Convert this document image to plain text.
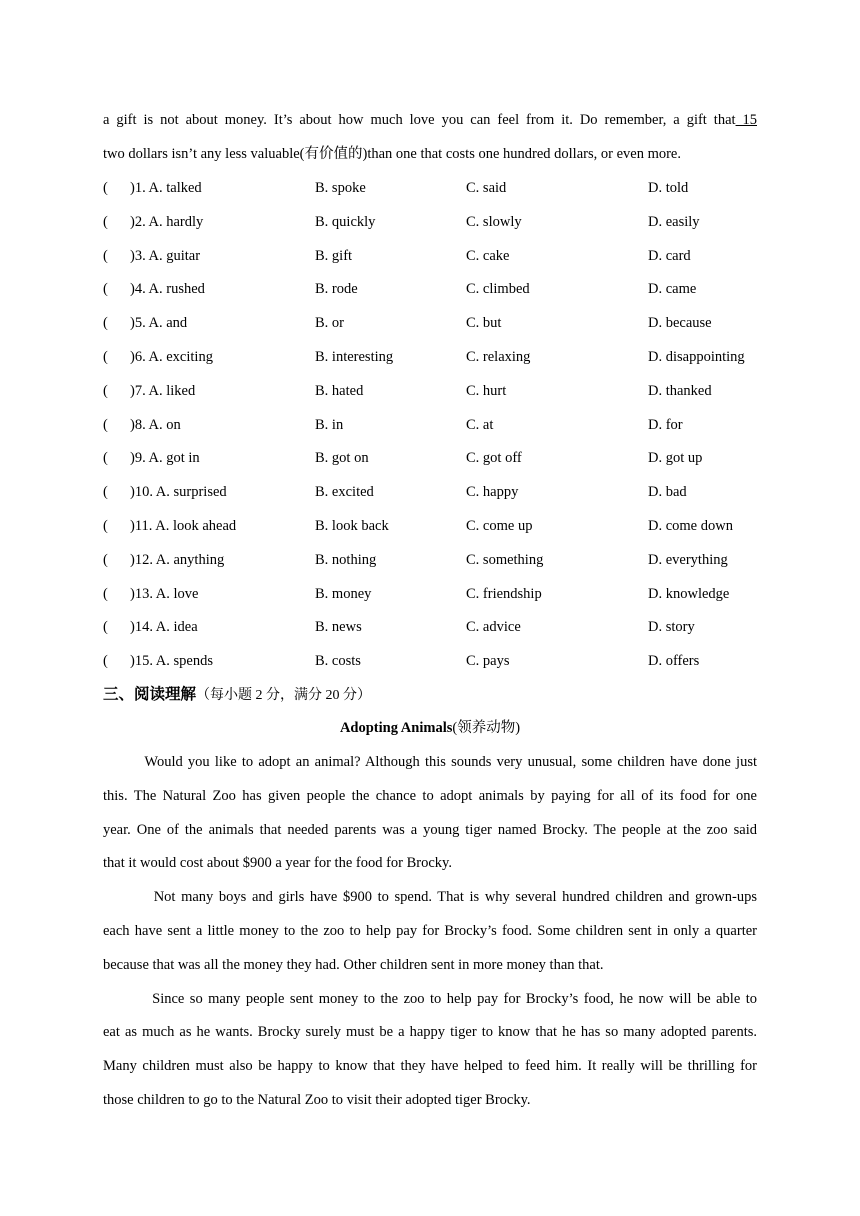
a gift is not about money. It’s about how much love you can feel from it. Do remember, a gift that 15
two dollars isn’t any less valuable(有价值的)than one that costs one hundred dollars, or even more.
( )1. A. talked	B. spoke	C. said	D. told
( )2. A. hardly	B. quickly	C. slowly	D. easily
( )3. A. guitar	B. gift	C. cake	D. card
( )4. A. rushed	B. rode	C. climbed	D. came
( )5. A. and	B. or	C. but	D. because
( )6. A. exciting	B. interesting	C. relaxing	D. disappointing
( )7. A. liked	B. hated	C. hurt	D. thanked
( )8. A. on	B. in	C. at	D. for
( )9. A. got in	B. got on	C. got off	D. got up
( )10. A. surprised	B. excited	C. happy	D. bad
( )11. A. look ahead	B. look back	C. come up	D. come down
( )12. A. anything	B. nothing	C. something	D. everything
( )13. A. love	B. money	C. friendship	D. knowledge
( )14. A. idea	B. news	C. advice	D. story
( )15. A. spends	B. costs	C. pays	D. offers
三、阅读理解（每小题 2 分，满分 20 分）
Adopting Animals(领养动物)
Would you like to adopt an animal? Although this sounds very unusual, some children have done just
this. The Natural Zoo has given people the chance to adopt animals by paying for all of its food for one
year. One of the animals that needed parents was a young tiger named Brocky. The people at the zoo said
that it would cost about $900 a year for the food for Brocky.
Not many boys and girls have $900 to spend. That is why several hundred children and grown-ups
each have sent a little money to the zoo to help pay for Brocky’s food. Some children sent in only a quarter
because that was all the money they had. Other children sent in more money than that.
Since so many people sent money to the zoo to help pay for Brocky’s food, he now will be able to
eat as much as he wants. Brocky surely must be a happy tiger to know that he has so many adopted parents.
Many children must also be happy to know that they have helped to feed him. It really will be thrilling for
those children to go to the Natural Zoo to visit their adopted tiger Brocky.
